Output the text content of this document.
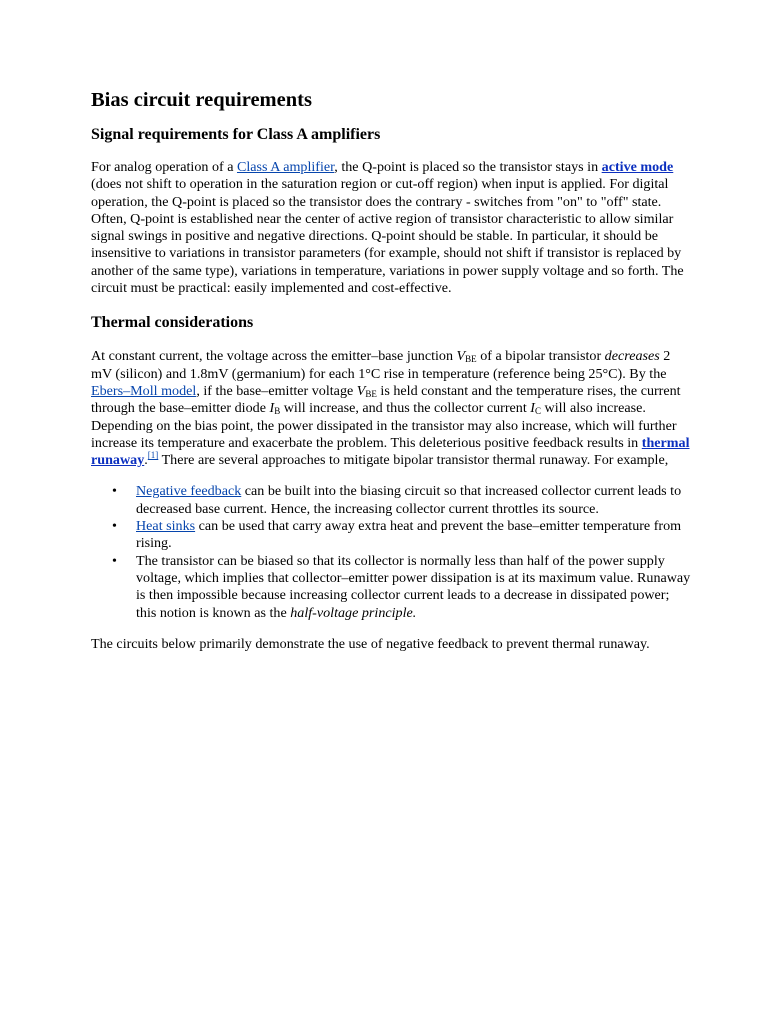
Bias circuit requirements
Signal requirements for Class A amplifiers

For analog operation of a Class A amplifier, the Q-point is placed so the transistor stays in active mode (does not shift to operation in the saturation region or cut-off region) when input is applied. For digital operation, the Q-point is placed so the transistor does the contrary - switches from "on" to "off" state. Often, Q-point is established near the center of active region of transistor characteristic to allow similar signal swings in positive and negative directions. Q-point should be stable. In particular, it should be insensitive to variations in transistor parameters (for example, should not shift if transistor is replaced by another of the same type), variations in temperature, variations in power supply voltage and so forth. The circuit must be practical: easily implemented and cost-effective.

Thermal considerations

At constant current, the voltage across the emitter–base junction $V_{BE}$ of a bipolar transistor decreases 2 mV (silicon) and 1.8mV (germanium) for each 1°C rise in temperature (reference being 25°C). By the Ebers–Moll model, if the base–emitter voltage $V_{BE}$ is held constant and the temperature rises, the current through the base–emitter diode $I_B$ will increase, and thus the collector current $I_C$ will also increase. Depending on the bias point, the power dissipated in the transistor may also increase, which will further increase its temperature and exacerbate the problem. This deleterious positive feedback results in thermal runaway.[1] There are several approaches to mitigate bipolar transistor thermal runaway. For example,

• Negative feedback can be built into the biasing circuit so that increased collector current leads to decreased base current. Hence, the increasing collector current throttles its source.
• Heat sinks can be used that carry away extra heat and prevent the base–emitter temperature from rising.
• The transistor can be biased so that its collector is normally less than half of the power supply voltage, which implies that collector–emitter power dissipation is at its maximum value. Runaway is then impossible because increasing collector current leads to a decrease in dissipated power; this notion is known as the half-voltage principle.

The circuits below primarily demonstrate the use of negative feedback to prevent thermal runaway.
